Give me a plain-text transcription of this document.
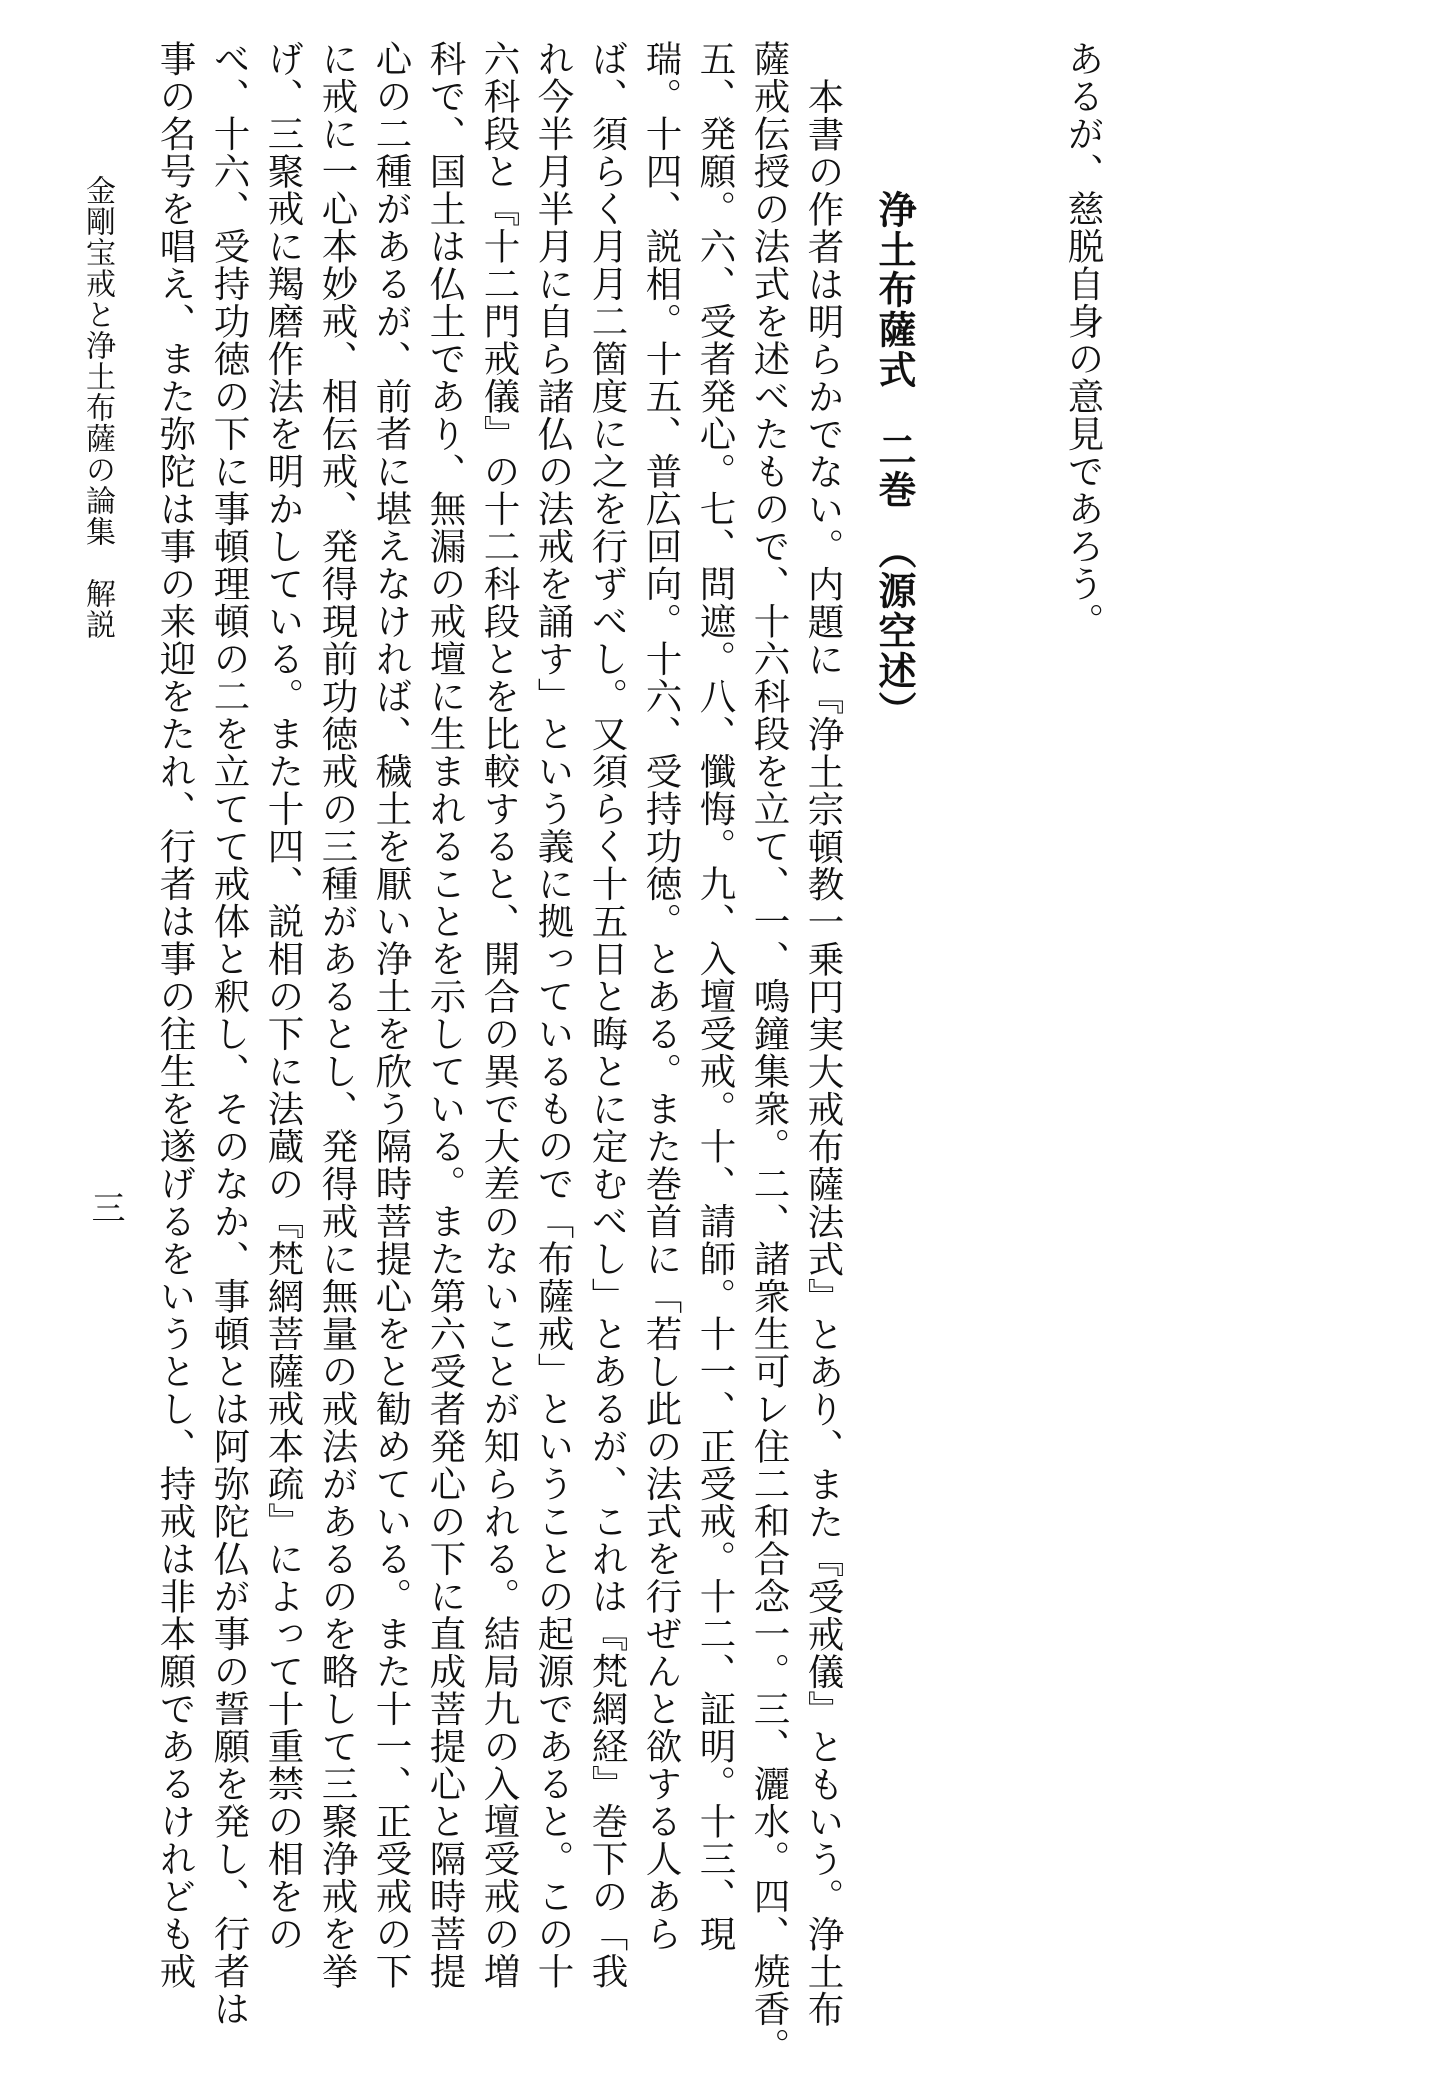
あるが、慈脱自身の意見であろう。
浄土布薩式　二巻　（源空述）
本書の作者は明らかでない。内題に『浄土宗頓教一乗円実大戒布薩法式』とあり、また『受戒儀』ともいう。浄土布
薩戒伝授の法式を述べたもので、十六科段を立て、一、鳴鐘集衆。二、諸衆生可レ住二和合念一。三、灑水。四、焼香。
五、発願。六、受者発心。七、問遮。八、懺悔。九、入壇受戒。十、請師。十一、正受戒。十二、証明。十三、現
瑞。十四、説相。十五、普広回向。十六、受持功徳。とある。また巻首に「若し此の法式を行ぜんと欲する人あら
ば、須らく月月二箇度に之を行ずべし。又須らく十五日と晦とに定むべし」とあるが、これは『梵網経』巻下の「我
れ今半月半月に自ら諸仏の法戒を誦す」という義に拠っているもので「布薩戒」ということの起源であると。この十
六科段と『十二門戒儀』の十二科段とを比較すると、開合の異で大差のないことが知られる。結局九の入壇受戒の増
科で、国土は仏土であり、無漏の戒壇に生まれることを示している。また第六受者発心の下に直成菩提心と隔時菩提
心の二種があるが、前者に堪えなければ、穢土を厭い浄土を欣う隔時菩提心をと勧めている。また十一、正受戒の下
に戒に一心本妙戒、相伝戒、発得現前功徳戒の三種があるとし、発得戒に無量の戒法があるのを略して三聚浄戒を挙
げ、三聚戒に羯磨作法を明かしている。また十四、説相の下に法蔵の『梵網菩薩戒本疏』によって十重禁の相をの
べ、十六、受持功徳の下に事頓理頓の二を立てて戒体と釈し、そのなか、事頓とは阿弥陀仏が事の誓願を発し、行者は
事の名号を唱え、また弥陀は事の来迎をたれ、行者は事の往生を遂げるをいうとし、持戒は非本願であるけれども戒
三
金剛宝戒と浄土布薩の論集　解説
